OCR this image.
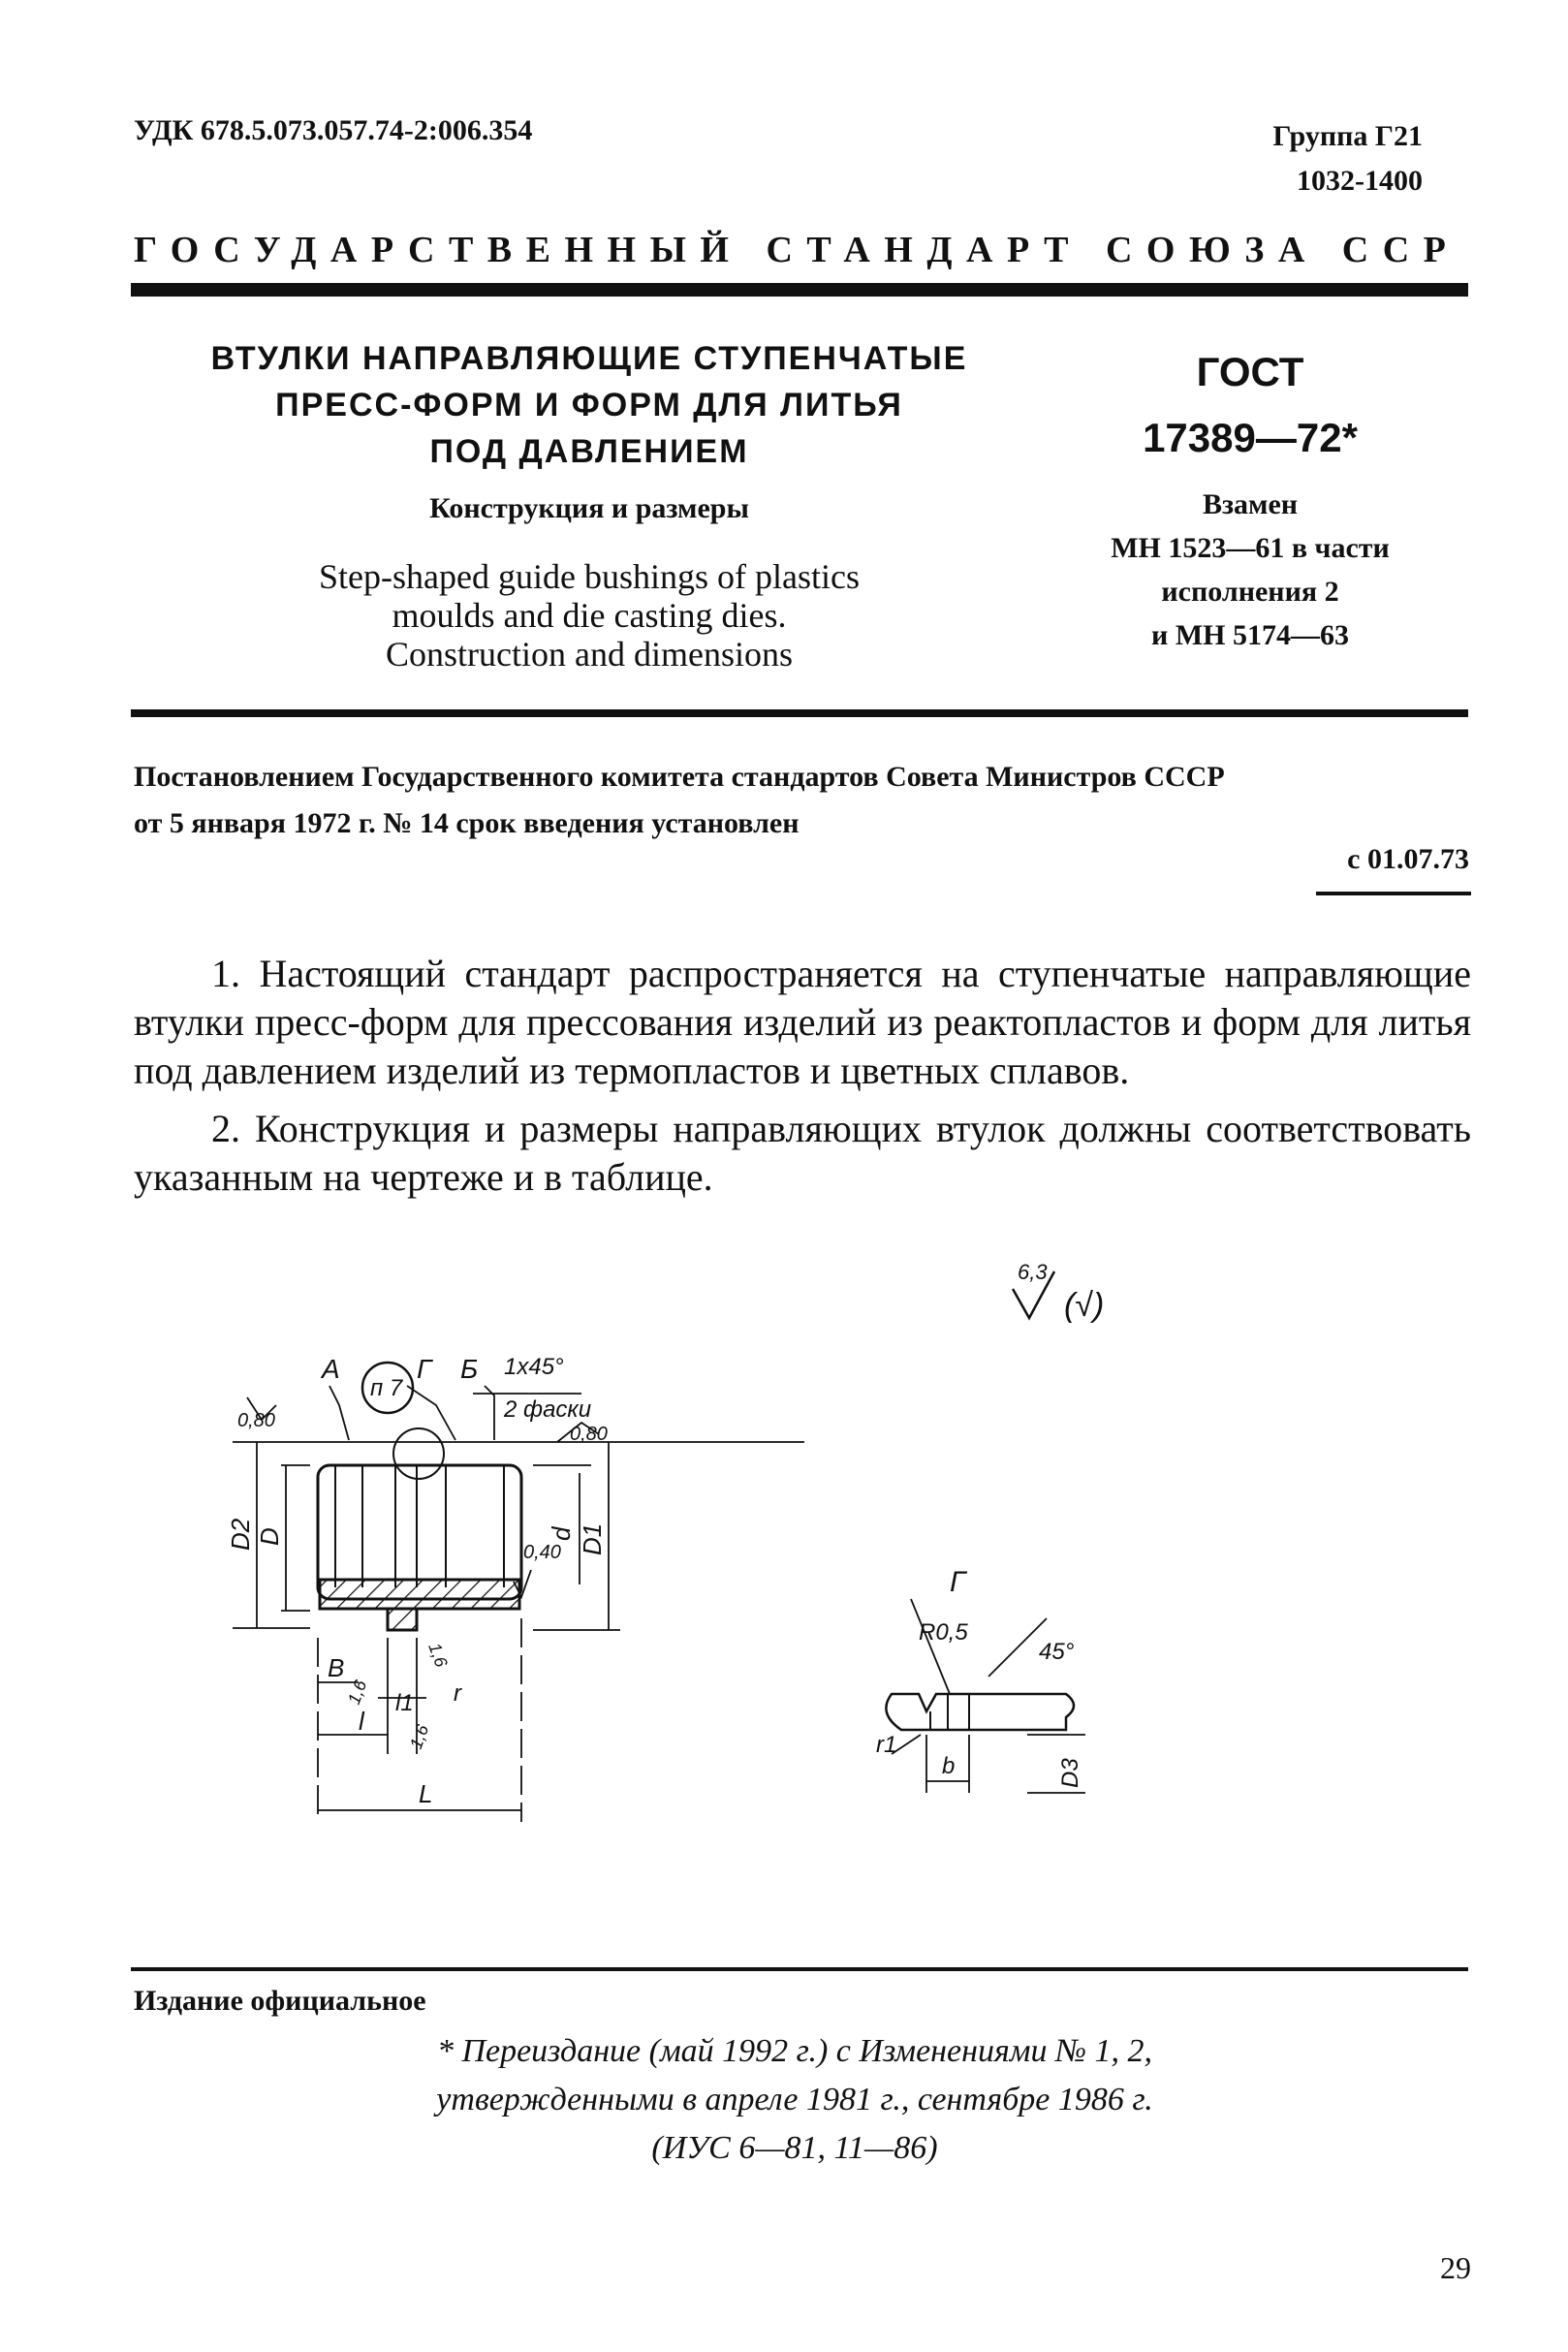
УДК 678.5.073.057.74-2:006.354	Группа Г21
1032-1400
ГОСУДАРСТВЕННЫЙ СТАНДАРТ СОЮЗА ССР
ВТУЛКИ НАПРАВЛЯЮЩИЕ СТУПЕНЧАТЫЕ
ПРЕСС-ФОРМ И ФОРМ ДЛЯ ЛИТЬЯ
ПОД ДАВЛЕНИЕМ
Конструкция и размеры
Step-shaped guide bushings of plastics
moulds and die casting dies.
Construction and dimensions
ГОСТ
17389—72*
Взамен
МН 1523—61 в части
исполнения 2
и МН 5174—63
Постановлением Государственного комитета стандартов Совета Министров СССР
от 5 января 1972 г. № 14 срок введения установлен
с 01.07.73
1. Настоящий стандарт распространяется на ступенчатые направляющие втулки пресс-форм для прессования изделий из реактопластов и форм для литья под давлением изделий из термопластов и цветных сплавов.
2. Конструкция и размеры направляющих втулок должны соответствовать указанным на чертеже и в таблице.
6,3
(√)
А	Г Б
п 7
1х45°
2 фаски
0,80
0,80
0,40
D2 D	d D1
В
1,6
1,6
1,6
l1 r
l
L
Г
R0,5
45°
r1
b	D3
Издание официальное
* Переиздание (май 1992 г.) с Изменениями № 1, 2,
утвержденными в апреле 1981 г., сентябре 1986 г.
(ИУС 6—81, 11—86)
29
